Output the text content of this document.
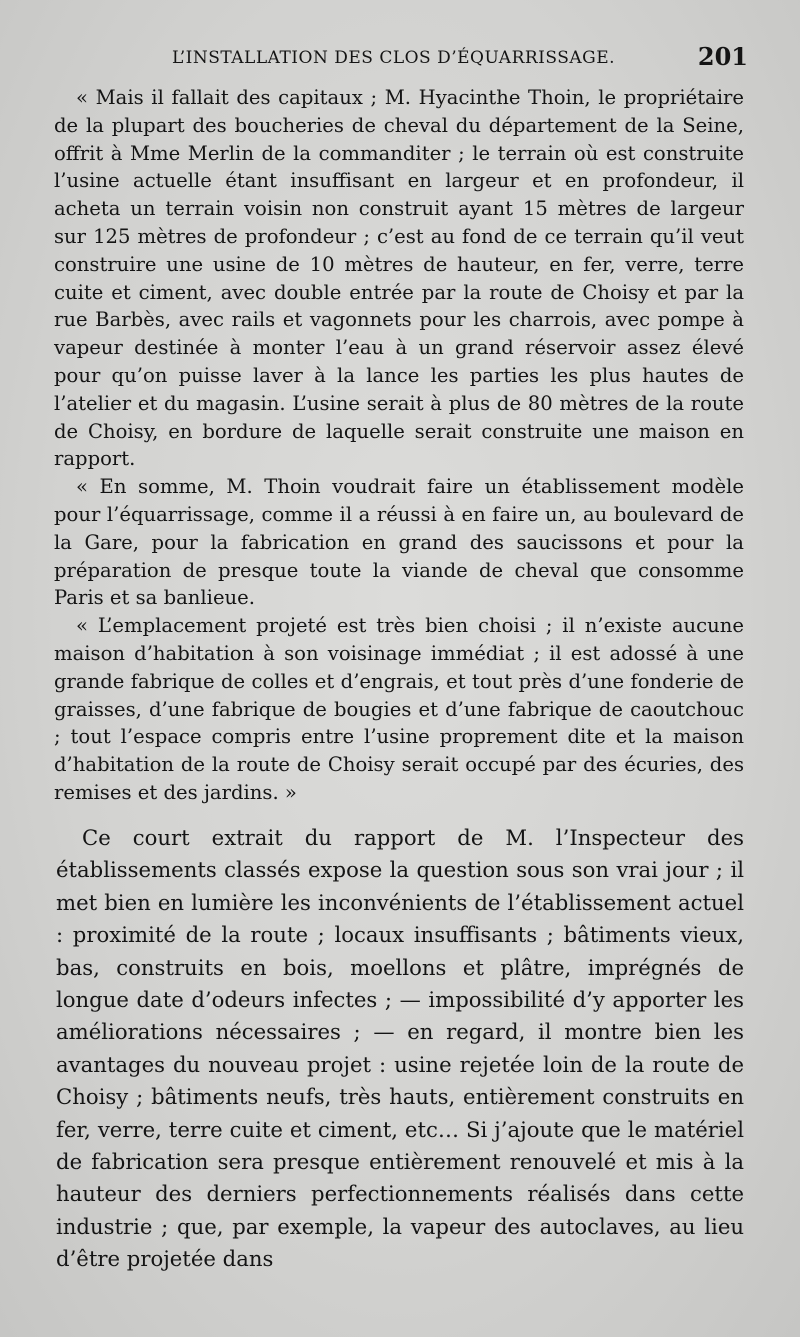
L’INSTALLATION DES CLOS D’ÉQUARRISSAGE.	201

« Mais il fallait des capitaux ; M. Hyacinthe Thoin, le propriétaire de la plupart des boucheries de cheval du département de la Seine, offrit à Mme Merlin de la commanditer ; le terrain où est construite l’usine actuelle étant insuffisant en largeur et en profondeur, il acheta un terrain voisin non construit ayant 15 mètres de largeur sur 125 mètres de profondeur ; c’est au fond de ce terrain qu’il veut construire une usine de 10 mètres de hauteur, en fer, verre, terre cuite et ciment, avec double entrée par la route de Choisy et par la rue Barbès, avec rails et vagonnets pour les charrois, avec pompe à vapeur destinée à monter l’eau à un grand réservoir assez élevé pour qu’on puisse laver à la lance les parties les plus hautes de l’atelier et du magasin. L’usine serait à plus de 80 mètres de la route de Choisy, en bordure de laquelle serait construite une maison en rapport.

« En somme, M. Thoin voudrait faire un établissement modèle pour l’équarrissage, comme il a réussi à en faire un, au boulevard de la Gare, pour la fabrication en grand des saucissons et pour la préparation de presque toute la viande de cheval que consomme Paris et sa banlieue.

« L’emplacement projeté est très bien choisi ; il n’existe aucune maison d’habitation à son voisinage immédiat ; il est adossé à une grande fabrique de colles et d’engrais, et tout près d’une fonderie de graisses, d’une fabrique de bougies et d’une fabrique de caoutchouc ; tout l’espace compris entre l’usine proprement dite et la maison d’habitation de la route de Choisy serait occupé par des écuries, des remises et des jardins. »

Ce court extrait du rapport de M. l’Inspecteur des établissements classés expose la question sous son vrai jour ; il met bien en lumière les inconvénients de l’établissement actuel : proximité de la route ; locaux insuffisants ; bâtiments vieux, bas, construits en bois, moellons et plâtre, imprégnés de longue date d’odeurs infectes ; — impossibilité d’y apporter les améliorations nécessaires ; — en regard, il montre bien les avantages du nouveau projet : usine rejetée loin de la route de Choisy ; bâtiments neufs, très hauts, entièrement construits en fer, verre, terre cuite et ciment, etc… Si j’ajoute que le matériel de fabrication sera presque entièrement renouvelé et mis à la hauteur des derniers perfectionnements réalisés dans cette industrie ; que, par exemple, la vapeur des autoclaves, au lieu d’être projetée dans
